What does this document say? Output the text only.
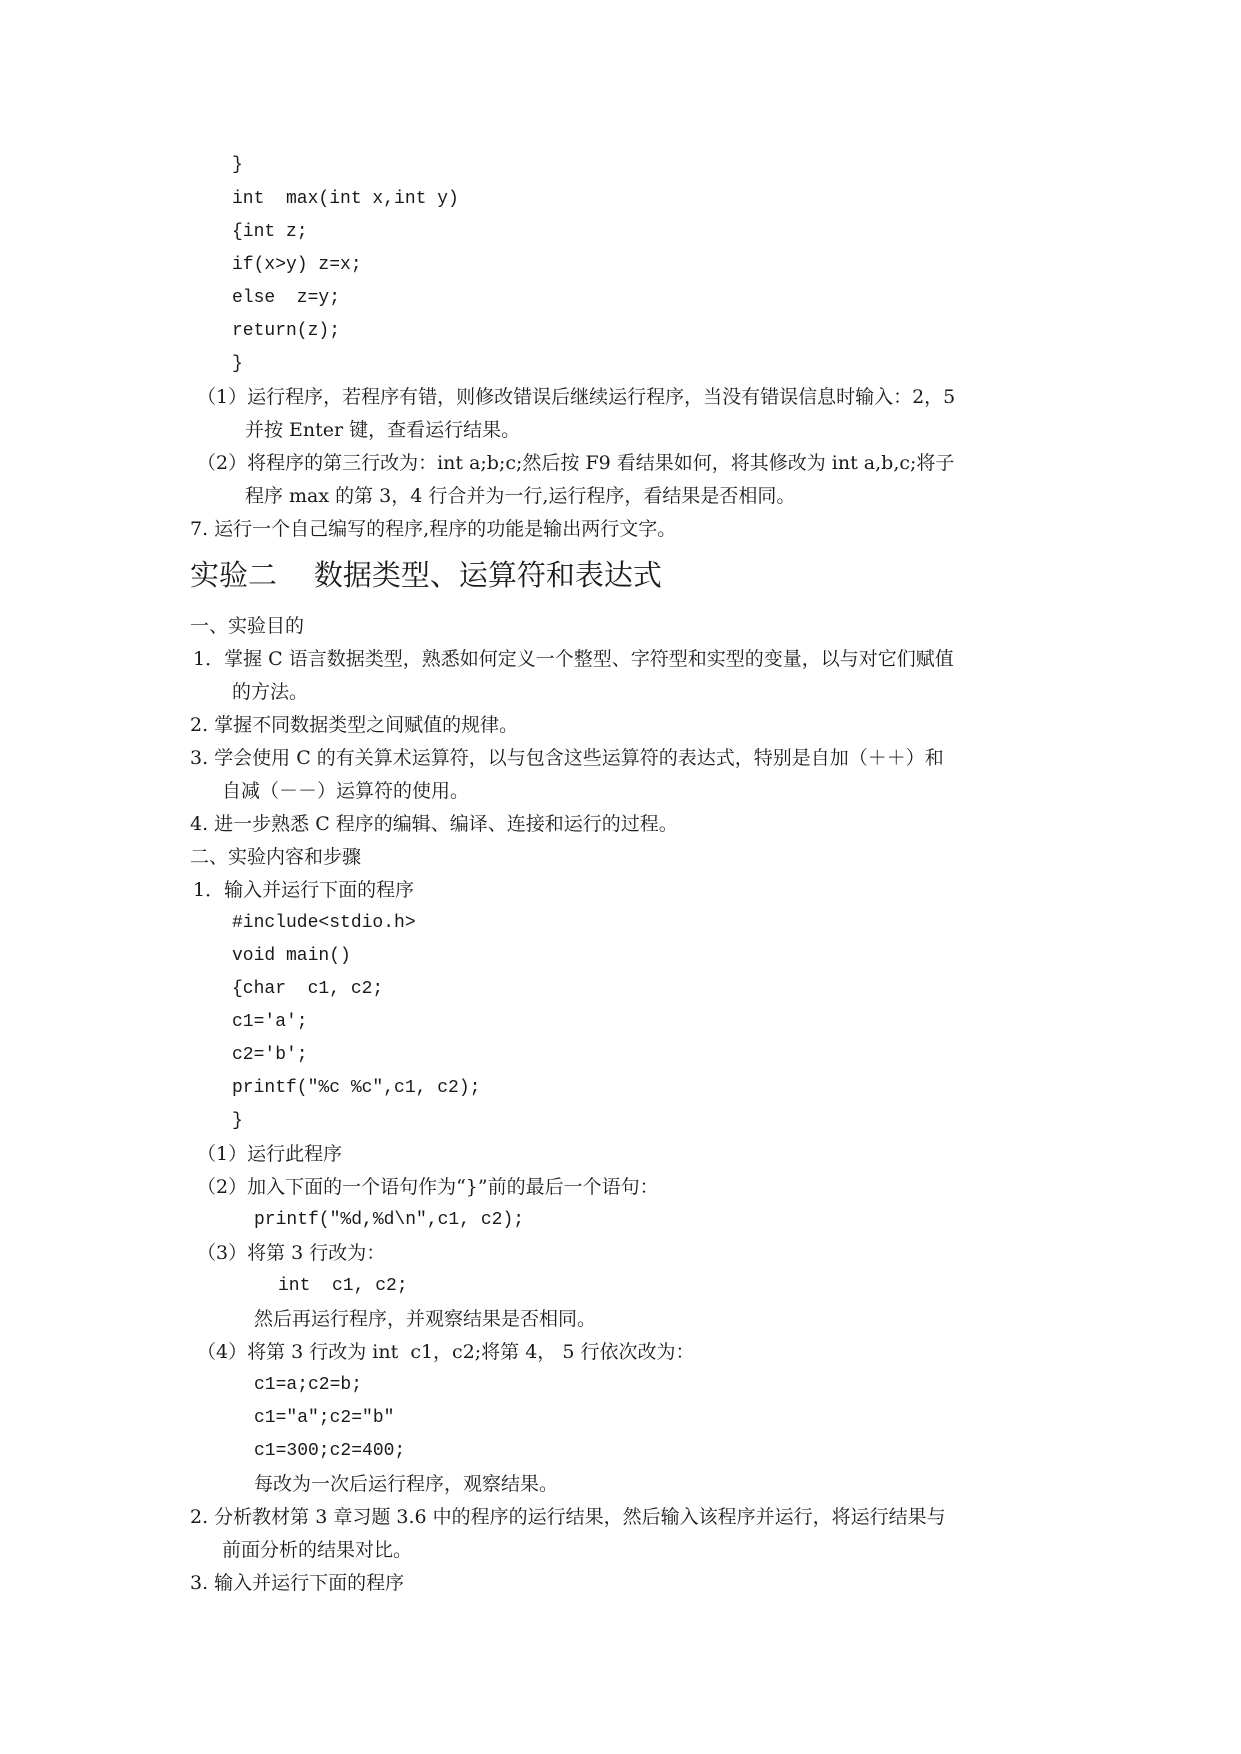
}
int  max(int x,int y)
{int z;
if(x>y) z=x;
else  z=y;
return(z);
}
（1）运行程序，若程序有错，则修改错误后继续运行程序，当没有错误信息时输入：2，5
并按 Enter 键，查看运行结果。
（2）将程序的第三行改为：int a;b;c;然后按 F9 看结果如何，将其修改为 int a,b,c;将子
程序 max 的第 3，4 行合并为一行,运行程序，看结果是否相同。
7. 运行一个自己编写的程序,程序的功能是输出两行文字。
实验二    数据类型、运算符和表达式
一、实验目的
1．掌握 C 语言数据类型，熟悉如何定义一个整型、字符型和实型的变量，以与对它们赋值
的方法。
2. 掌握不同数据类型之间赋值的规律。
3. 学会使用 C 的有关算术运算符，以与包含这些运算符的表达式，特别是自加（＋＋）和
自减（－－）运算符的使用。
4. 进一步熟悉 C 程序的编辑、编译、连接和运行的过程。
二、实验内容和步骤
1．输入并运行下面的程序
#include<stdio.h>
void main()
{char  c1, c2;
c1='a';
c2='b';
printf("%c %c",c1, c2);
}
（1）运行此程序
（2）加入下面的一个语句作为“}”前的最后一个语句：
printf("%d,%d\n",c1, c2);
（3）将第 3 行改为：
int  c1, c2;
然后再运行程序，并观察结果是否相同。
（4）将第 3 行改为 int  c1，c2;将第 4， 5 行依次改为：
c1=a;c2=b;
c1="a";c2="b"
c1=300;c2=400;
每改为一次后运行程序，观察结果。
2. 分析教材第 3 章习题 3.6 中的程序的运行结果，然后输入该程序并运行，将运行结果与
前面分析的结果对比。
3. 输入并运行下面的程序
